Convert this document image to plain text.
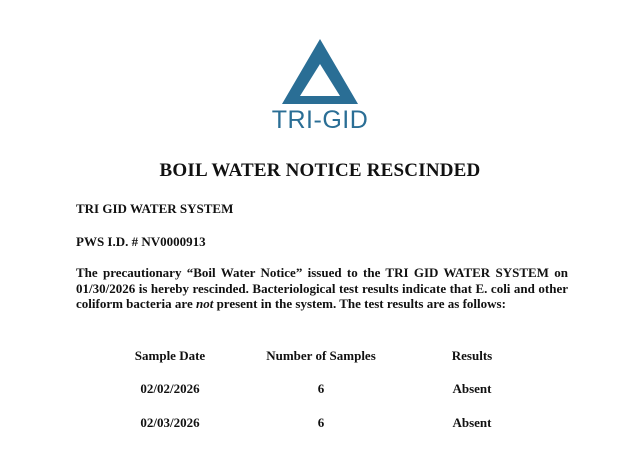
TRI-GID
BOIL WATER NOTICE RESCINDED
TRI GID WATER SYSTEM
PWS I.D. # NV0000913
The precautionary “Boil Water Notice” issued to the TRI GID WATER SYSTEM on 01/30/2026 is hereby rescinded. Bacteriological test results indicate that E. coli and other coliform bacteria are not present in the system. The test results are as follows:
Sample Date	Number of Samples	Results
02/02/2026	6	Absent
02/03/2026	6	Absent
